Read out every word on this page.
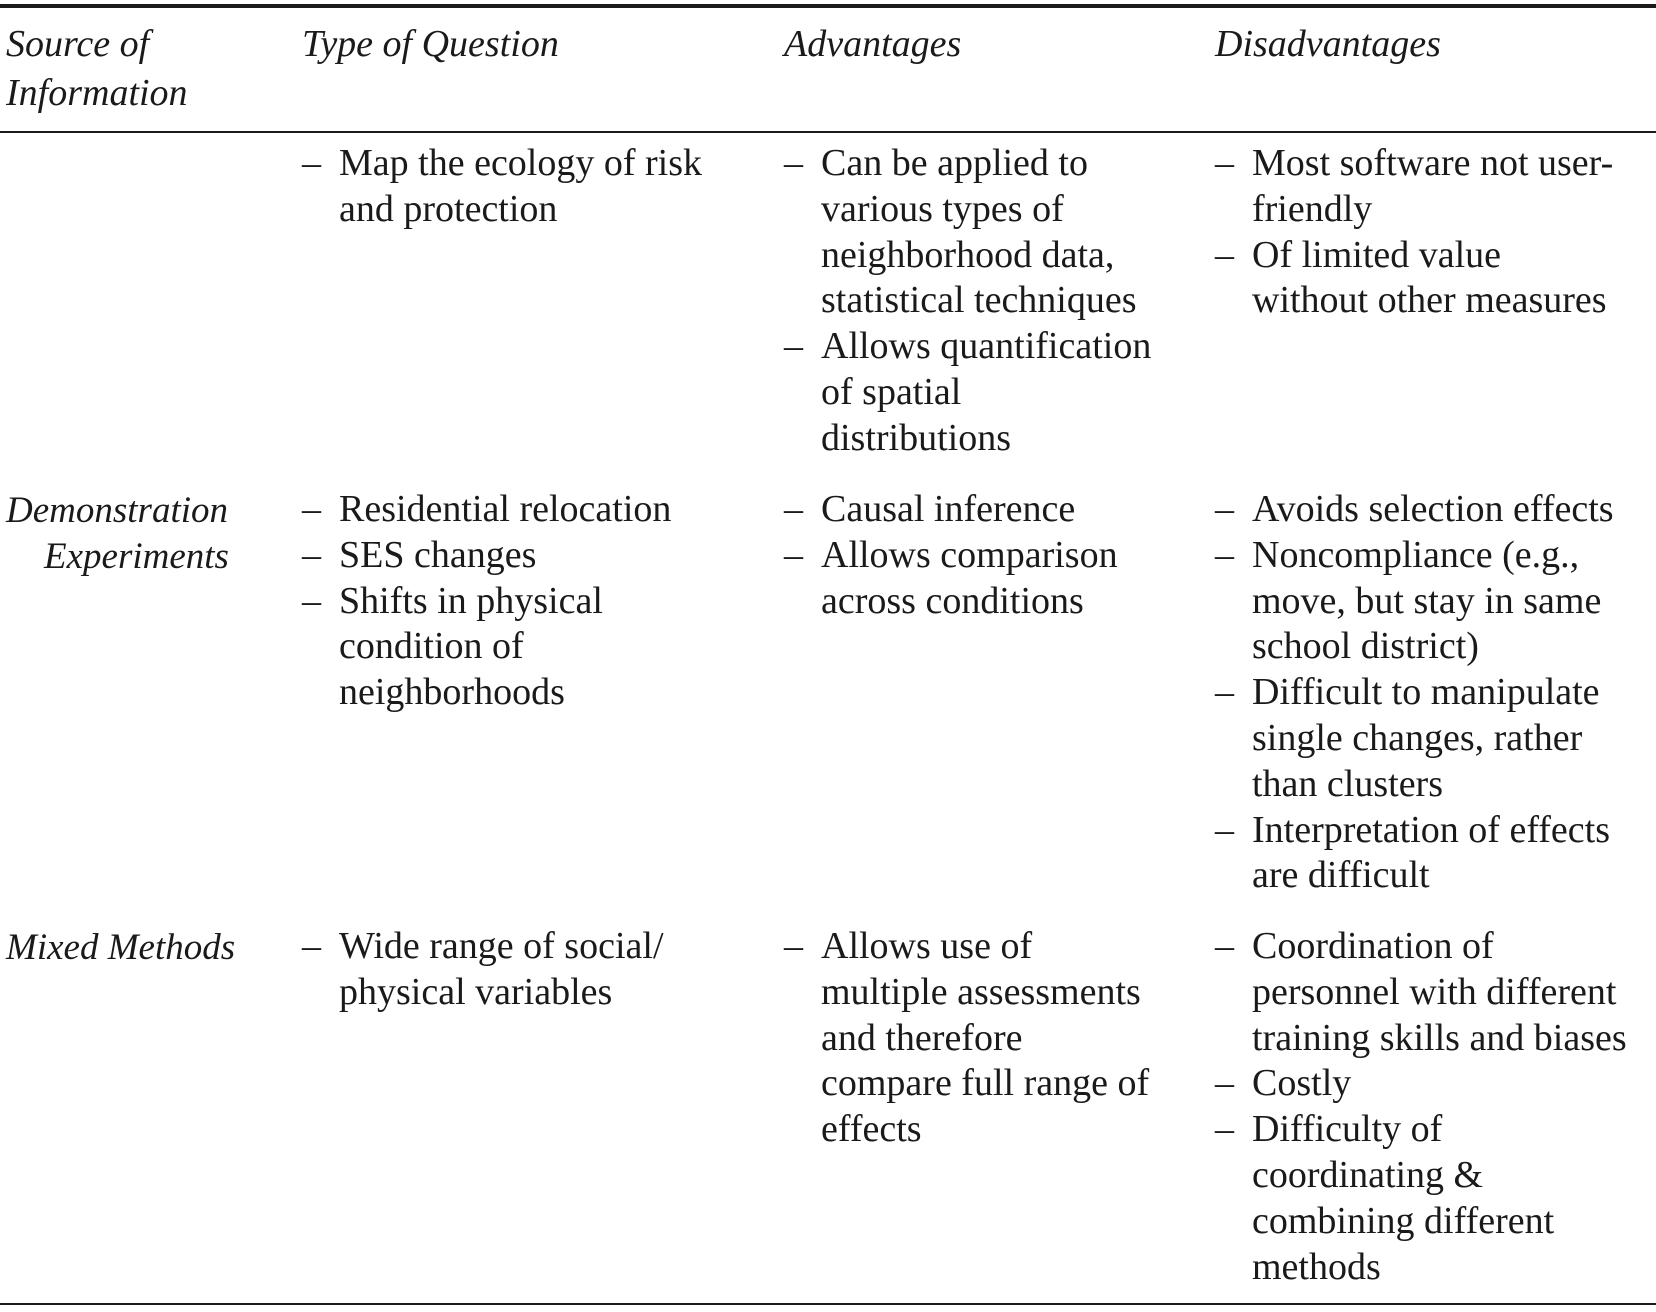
Source of
Information
Type of Question	Advantages	Disadvantages
– Map the ecology of risk
and protection
– Can be applied to
various types of
neighborhood data,
statistical techniques
– Allows quantification
of spatial
distributions
– Most software not user-
friendly
– Of limited value
without other measures
Demonstration
Experiments
– Residential relocation
– SES changes
– Shifts in physical
condition of
neighborhoods
– Causal inference
– Allows comparison
across conditions
– Avoids selection effects
– Noncompliance (e.g.,
move, but stay in same
school district)
– Difficult to manipulate
single changes, rather
than clusters
– Interpretation of effects
are difficult
Mixed Methods – Wide range of social/
physical variables
– Allows use of
multiple assessments
and therefore
compare full range of
effects
– Coordination of
personnel with different
training skills and biases
– Costly
– Difficulty of
coordinating &
combining different
methods
